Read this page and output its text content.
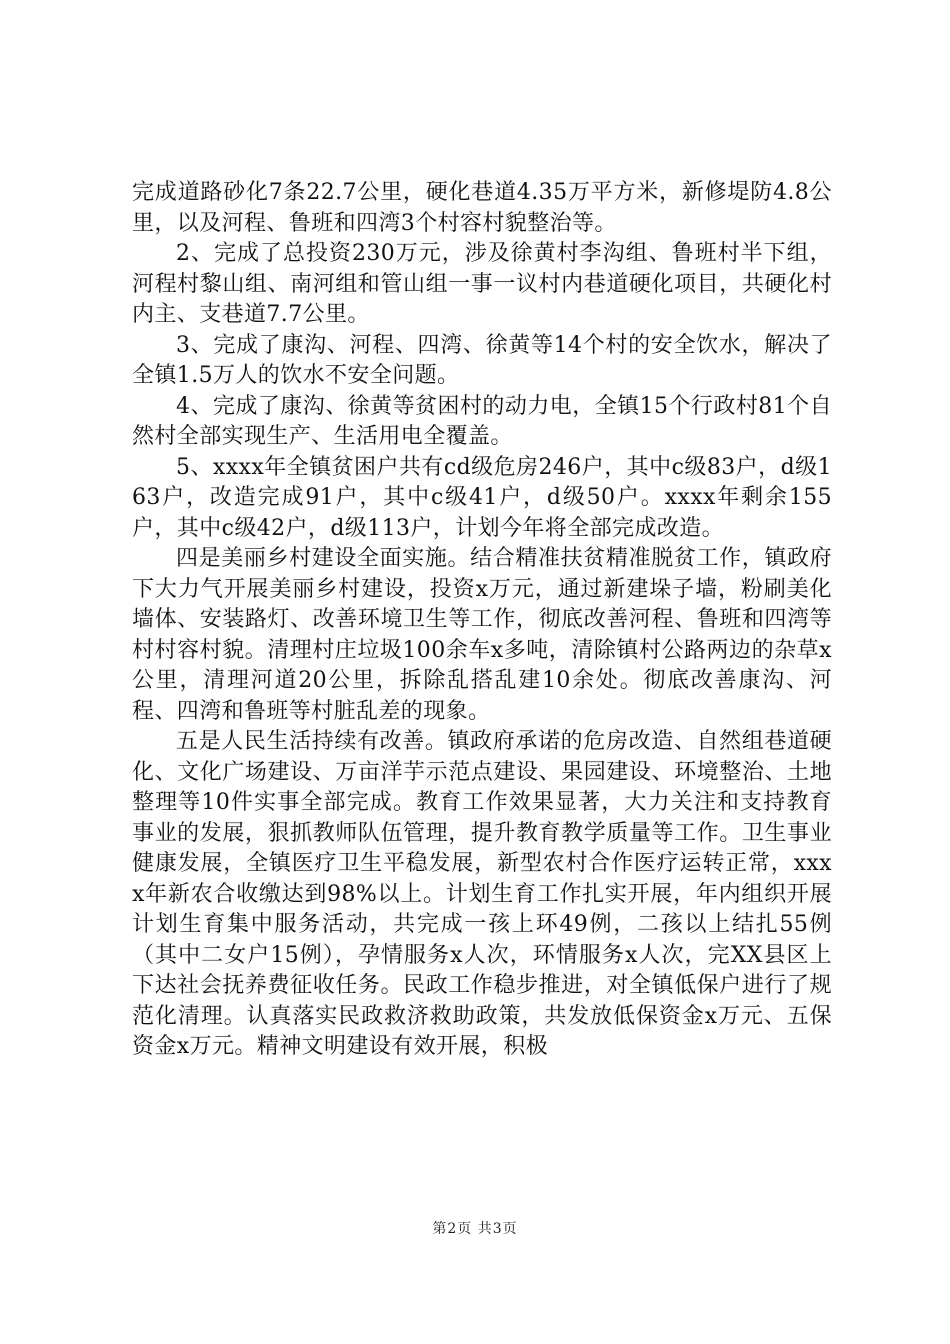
完成道路砂化7条22.7公里，硬化巷道4.35万平方米，新修堤防4.8公里，以及河程、鲁班和四湾3个村容村貌整治等。

2、完成了总投资230万元，涉及徐黄村李沟组、鲁班村半下组，河程村黎山组、南河组和管山组一事一议村内巷道硬化项目，共硬化村内主、支巷道7.7公里。

3、完成了康沟、河程、四湾、徐黄等14个村的安全饮水，解决了全镇1.5万人的饮水不安全问题。

4、完成了康沟、徐黄等贫困村的动力电，全镇15个行政村81个自然村全部实现生产、生活用电全覆盖。

5、xxxx年全镇贫困户共有cd级危房246户，其中c级83户，d级163户，改造完成91户，其中c级41户，d级50户。xxxx年剩余155户，其中c级42户，d级113户，计划今年将全部完成改造。

四是美丽乡村建设全面实施。结合精准扶贫精准脱贫工作，镇政府下大力气开展美丽乡村建设，投资x万元，通过新建垛子墙，粉刷美化墙体、安装路灯、改善环境卫生等工作，彻底改善河程、鲁班和四湾等村村容村貌。清理村庄垃圾100余车x多吨，清除镇村公路两边的杂草x公里，清理河道20公里，拆除乱搭乱建10余处。彻底改善康沟、河程、四湾和鲁班等村脏乱差的现象。

五是人民生活持续有改善。镇政府承诺的危房改造、自然组巷道硬化、文化广场建设、万亩洋芋示范点建设、果园建设、环境整治、土地整理等10件实事全部完成。教育工作效果显著，大力关注和支持教育事业的发展，狠抓教师队伍管理，提升教育教学质量等工作。卫生事业健康发展，全镇医疗卫生平稳发展，新型农村合作医疗运转正常，xxxx年新农合收缴达到98%以上。计划生育工作扎实开展，年内组织开展计划生育集中服务活动，共完成一孩上环49例，二孩以上结扎55例（其中二女户15例），孕情服务x人次，环情服务x人次，完XX县区上下达社会抚养费征收任务。民政工作稳步推进，对全镇低保户进行了规范化清理。认真落实民政救济救助政策，共发放低保资金x万元、五保资金x万元。精神文明建设有效开展，积极

第2页 共3页
